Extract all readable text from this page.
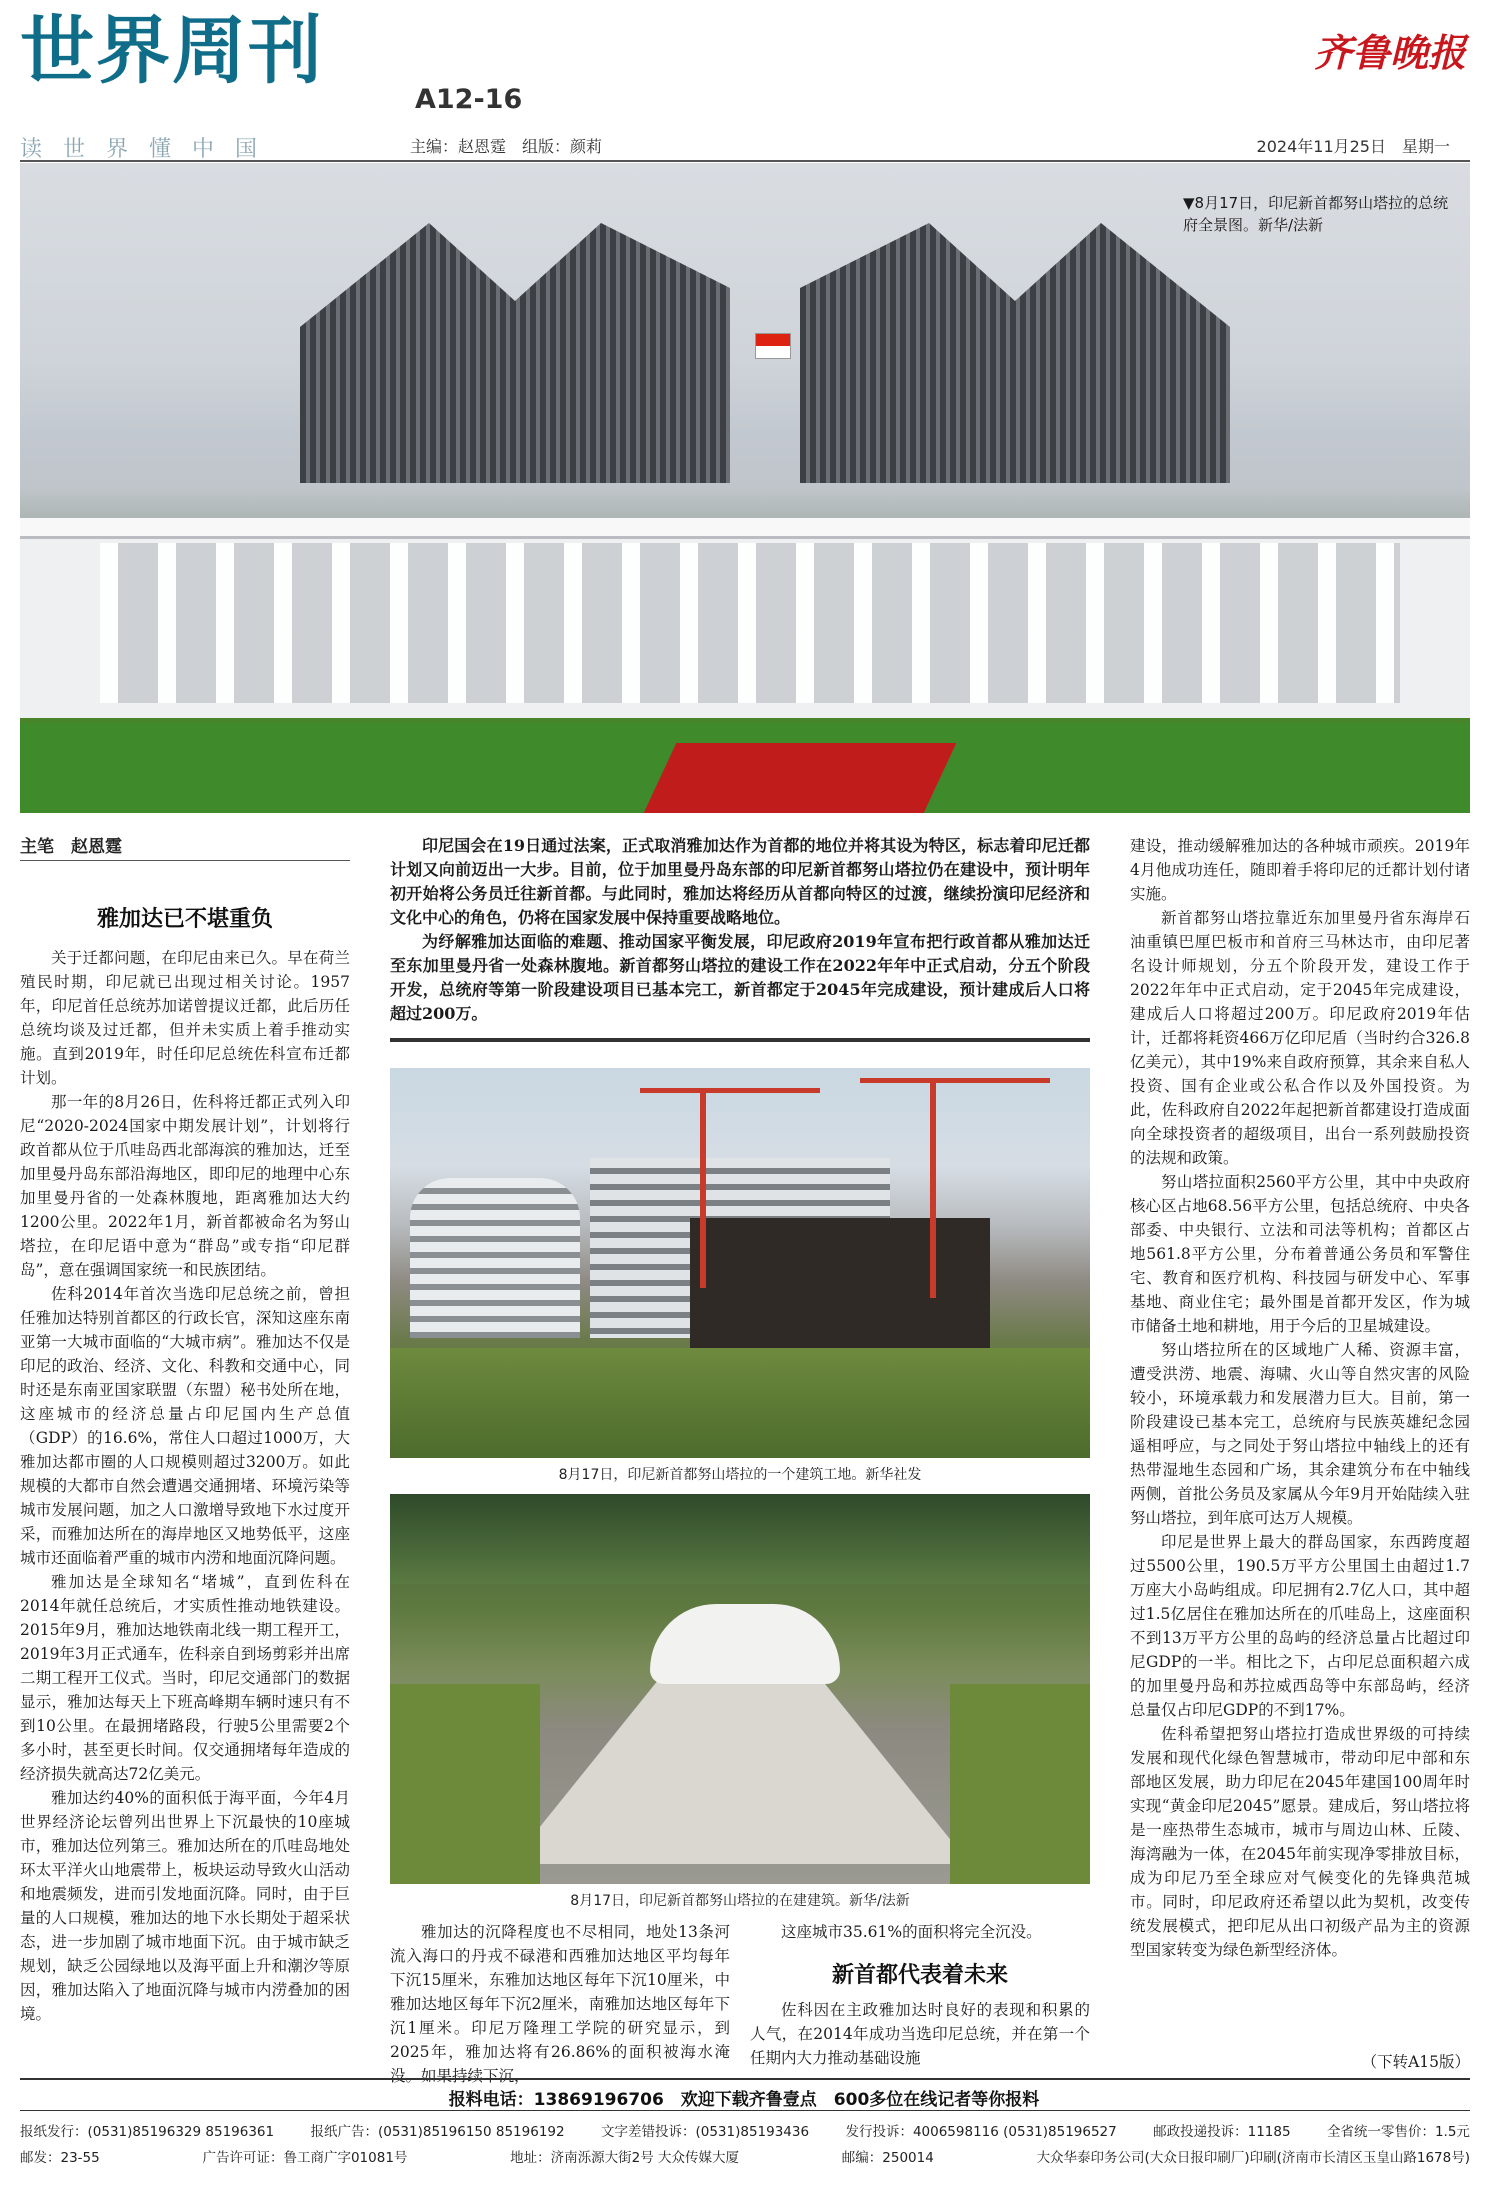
世界周刊
A12-16
齐鲁晚报
读世界懂中国	主编：赵恩霆　组版：颜莉	2024年11月25日　星期一
▼8月17日，印尼新首都努山塔拉的总统府全景图。新华/法新
主笔　赵恩霆
雅加达已不堪重负

关于迁都问题，在印尼由来已久。早在荷兰殖民时期，印尼就已出现过相关讨论。1957年，印尼首任总统苏加诺曾提议迁都，此后历任总统均谈及过迁都，但并未实质上着手推动实施。直到2019年，时任印尼总统佐科宣布迁都计划。

那一年的8月26日，佐科将迁都正式列入印尼“2020-2024国家中期发展计划”，计划将行政首都从位于爪哇岛西北部海滨的雅加达，迁至加里曼丹岛东部沿海地区，即印尼的地理中心东加里曼丹省的一处森林腹地，距离雅加达大约1200公里。2022年1月，新首都被命名为努山塔拉，在印尼语中意为“群岛”或专指“印尼群岛”，意在强调国家统一和民族团结。

佐科2014年首次当选印尼总统之前，曾担任雅加达特别首都区的行政长官，深知这座东南亚第一大城市面临的“大城市病”。雅加达不仅是印尼的政治、经济、文化、科教和交通中心，同时还是东南亚国家联盟（东盟）秘书处所在地，这座城市的经济总量占印尼国内生产总值（GDP）的16.6%，常住人口超过1000万，大雅加达都市圈的人口规模则超过3200万。如此规模的大都市自然会遭遇交通拥堵、环境污染等城市发展问题，加之人口激增导致地下水过度开采，而雅加达所在的海岸地区又地势低平，这座城市还面临着严重的城市内涝和地面沉降问题。

雅加达是全球知名“堵城”，直到佐科在2014年就任总统后，才实质性推动地铁建设。2015年9月，雅加达地铁南北线一期工程开工，2019年3月正式通车，佐科亲自到场剪彩并出席二期工程开工仪式。当时，印尼交通部门的数据显示，雅加达每天上下班高峰期车辆时速只有不到10公里。在最拥堵路段，行驶5公里需要2个多小时，甚至更长时间。仅交通拥堵每年造成的经济损失就高达72亿美元。

雅加达约40%的面积低于海平面，今年4月世界经济论坛曾列出世界上下沉最快的10座城市，雅加达位列第三。雅加达所在的爪哇岛地处环太平洋火山地震带上，板块运动导致火山活动和地震频发，进而引发地面沉降。同时，由于巨量的人口规模，雅加达的地下水长期处于超采状态，进一步加剧了城市地面下沉。由于城市缺乏规划，缺乏公园绿地以及海平面上升和潮汐等原因，雅加达陷入了地面沉降与城市内涝叠加的困境。

印尼国会在19日通过法案，正式取消雅加达作为首都的地位并将其设为特区，标志着印尼迁都计划又向前迈出一大步。目前，位于加里曼丹岛东部的印尼新首都努山塔拉仍在建设中，预计明年初开始将公务员迁往新首都。与此同时，雅加达将经历从首都向特区的过渡，继续扮演印尼经济和文化中心的角色，仍将在国家发展中保持重要战略地位。

为纾解雅加达面临的难题、推动国家平衡发展，印尼政府2019年宣布把行政首都从雅加达迁至东加里曼丹省一处森林腹地。新首都努山塔拉的建设工作在2022年年中正式启动，分五个阶段开发，总统府等第一阶段建设项目已基本完工，新首都定于2045年完成建设，预计建成后人口将超过200万。

8月17日，印尼新首都努山塔拉的一个建筑工地。新华社发
8月17日，印尼新首都努山塔拉的在建建筑。新华/法新

雅加达的沉降程度也不尽相同，地处13条河流入海口的丹戎不碌港和西雅加达地区平均每年下沉15厘米，东雅加达地区每年下沉10厘米，中雅加达地区每年下沉2厘米，南雅加达地区每年下沉1厘米。印尼万隆理工学院的研究显示，到2025年，雅加达将有26.86%的面积被海水淹没。如果持续下沉，

这座城市35.61%的面积将完全沉没。

新首都代表着未来

佐科因在主政雅加达时良好的表现和积累的人气，在2014年成功当选印尼总统，并在第一个任期内大力推动基础设施

建设，推动缓解雅加达的各种城市顽疾。2019年4月他成功连任，随即着手将印尼的迁都计划付诸实施。

新首都努山塔拉靠近东加里曼丹省东海岸石油重镇巴厘巴板市和首府三马林达市，由印尼著名设计师规划，分五个阶段开发，建设工作于2022年年中正式启动，定于2045年完成建设，建成后人口将超过200万。印尼政府2019年估计，迁都将耗资466万亿印尼盾（当时约合326.8亿美元），其中19%来自政府预算，其余来自私人投资、国有企业或公私合作以及外国投资。为此，佐科政府自2022年起把新首都建设打造成面向全球投资者的超级项目，出台一系列鼓励投资的法规和政策。

努山塔拉面积2560平方公里，其中中央政府核心区占地68.56平方公里，包括总统府、中央各部委、中央银行、立法和司法等机构；首都区占地561.8平方公里，分布着普通公务员和军警住宅、教育和医疗机构、科技园与研发中心、军事基地、商业住宅；最外围是首都开发区，作为城市储备土地和耕地，用于今后的卫星城建设。

努山塔拉所在的区域地广人稀、资源丰富，遭受洪涝、地震、海啸、火山等自然灾害的风险较小，环境承载力和发展潜力巨大。目前，第一阶段建设已基本完工，总统府与民族英雄纪念园遥相呼应，与之同处于努山塔拉中轴线上的还有热带湿地生态园和广场，其余建筑分布在中轴线两侧，首批公务员及家属从今年9月开始陆续入驻努山塔拉，到年底可达万人规模。

印尼是世界上最大的群岛国家，东西跨度超过5500公里，190.5万平方公里国土由超过1.7万座大小岛屿组成。印尼拥有2.7亿人口，其中超过1.5亿居住在雅加达所在的爪哇岛上，这座面积不到13万平方公里的岛屿的经济总量占比超过印尼GDP的一半。相比之下，占印尼总面积超六成的加里曼丹岛和苏拉威西岛等中东部岛屿，经济总量仅占印尼GDP的不到17%。

佐科希望把努山塔拉打造成世界级的可持续发展和现代化绿色智慧城市，带动印尼中部和东部地区发展，助力印尼在2045年建国100周年时实现“黄金印尼2045”愿景。建成后，努山塔拉将是一座热带生态城市，城市与周边山林、丘陵、海湾融为一体，在2045年前实现净零排放目标，成为印尼乃至全球应对气候变化的先锋典范城市。同时，印尼政府还希望以此为契机，改变传统发展模式，把印尼从出口初级产品为主的资源型国家转变为绿色新型经济体。

（下转A15版）
报料电话：13869196706　欢迎下载齐鲁壹点　600多位在线记者等你报料
报纸发行：(0531)85196329 85196361	报纸广告：(0531)85196150 85196192	文字差错投诉：(0531)85193436	发行投诉：4006598116 (0531)85196527	邮政投递投诉：11185	全省统一零售价：1.5元
邮发：23-55	广告许可证：鲁工商广字01081号	地址：济南泺源大街2号 大众传媒大厦	邮编：250014	大众华泰印务公司(大众日报印刷厂)印刷(济南市长清区玉皇山路1678号)
